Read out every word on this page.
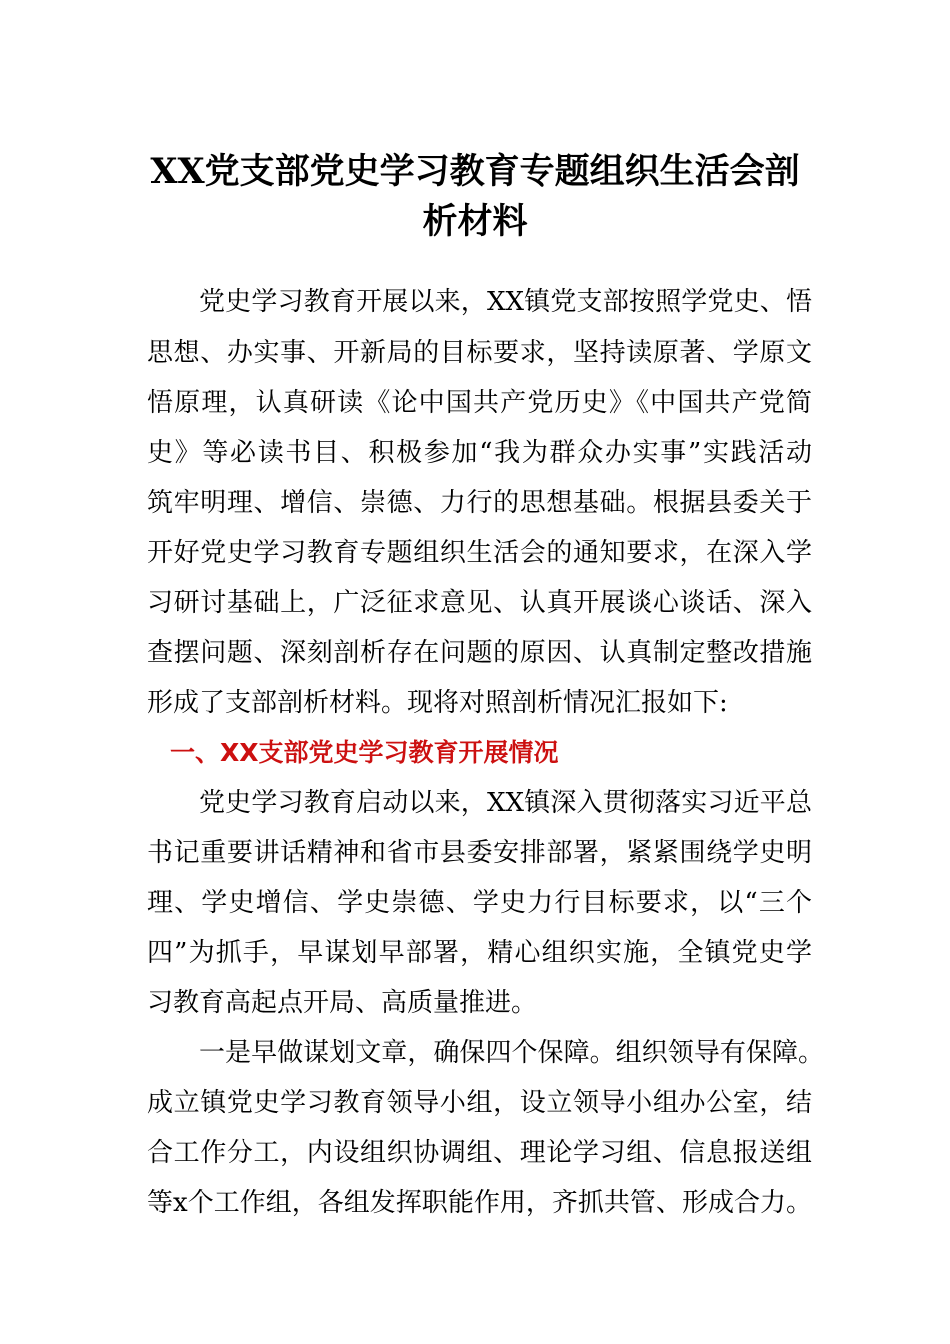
XX党支部党史学习教育专题组织生活会剖
析材料
党史学习教育开展以来，XX镇党支部按照学党史、悟
思想、办实事、开新局的目标要求，坚持读原著、学原文
悟原理，认真研读《论中国共产党历史》《中国共产党简
史》等必读书目、积极参加“我为群众办实事”实践活动
筑牢明理、增信、崇德、力行的思想基础。根据县委关于
开好党史学习教育专题组织生活会的通知要求，在深入学
习研讨基础上，广泛征求意见、认真开展谈心谈话、深入
查摆问题、深刻剖析存在问题的原因、认真制定整改措施
形成了支部剖析材料。现将对照剖析情况汇报如下:
一、XX支部党史学习教育开展情况
党史学习教育启动以来，XX镇深入贯彻落实习近平总
书记重要讲话精神和省市县委安排部署，紧紧围绕学史明
理、学史增信、学史崇德、学史力行目标要求，以“三个
四”为抓手，早谋划早部署，精心组织实施，全镇党史学
习教育高起点开局、高质量推进。
一是早做谋划文章，确保四个保障。组织领导有保障。
成立镇党史学习教育领导小组，设立领导小组办公室，结
合工作分工，内设组织协调组、理论学习组、信息报送组
等x个工作组，各组发挥职能作用，齐抓共管、形成合力。
